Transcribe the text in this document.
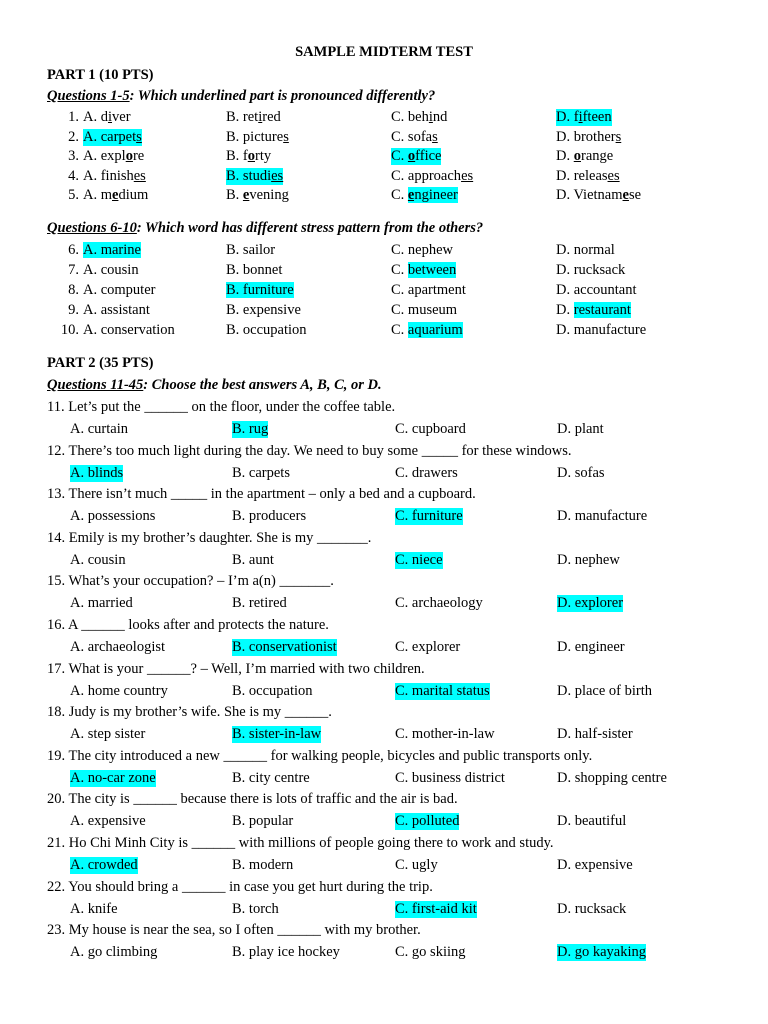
SAMPLE MIDTERM TEST
PART 1 (10 PTS)
Questions 1-5: Which underlined part is pronounced differently?
1. A. diver	B. retired	C. behind	D. fifteen
2. A. carpets	B. pictures	C. sofas	D. brothers
3. A. explore	B. forty	C. office	D. orange
4. A. finishes	B. studies	C. approaches	D. releases
5. A. medium	B. evening	C. engineer	D. Vietnamese
Questions 6-10: Which word has different stress pattern from the others?
6. A. marine	B. sailor	C. nephew	D. normal
7. A. cousin	B. bonnet	C. between	D. rucksack
8. A. computer	B. furniture	C. apartment	D. accountant
9. A. assistant	B. expensive	C. museum	D. restaurant
10. A. conservation	B. occupation	C. aquarium	D. manufacture
PART 2 (35 PTS)
Questions 11-45: Choose the best answers A, B, C, or D.
11. Let’s put the ______ on the floor, under the coffee table.
A. curtain	B. rug	C. cupboard	D. plant
12. There’s too much light during the day. We need to buy some _____ for these windows.
A. blinds	B. carpets	C. drawers	D. sofas
13. There isn’t much _____ in the apartment – only a bed and a cupboard.
A. possessions	B. producers	C. furniture	D. manufacture
14. Emily is my brother’s daughter. She is my _______.
A. cousin	B. aunt	C. niece	D. nephew
15. What’s your occupation? – I’m a(n) _______.
A. married	B. retired	C. archaeology	D. explorer
16. A ______ looks after and protects the nature.
A. archaeologist	B. conservationist	C. explorer	D. engineer
17. What is your ______? – Well, I’m married with two children.
A. home country	B. occupation	C. marital status	D. place of birth
18. Judy is my brother’s wife. She is my ______.
A. step sister	B. sister-in-law	C. mother-in-law	D. half-sister
19. The city introduced a new ______ for walking people, bicycles and public transports only.
A. no-car zone	B. city centre	C. business district	D. shopping centre
20. The city is ______ because there is lots of traffic and the air is bad.
A. expensive	B. popular	C. polluted	D. beautiful
21. Ho Chi Minh City is ______ with millions of people going there to work and study.
A. crowded	B. modern	C. ugly	D. expensive
22. You should bring a ______ in case you get hurt during the trip.
A. knife	B. torch	C. first-aid kit	D. rucksack
23. My house is near the sea, so I often ______ with my brother.
A. go climbing	B. play ice hockey	C. go skiing	D. go kayaking
